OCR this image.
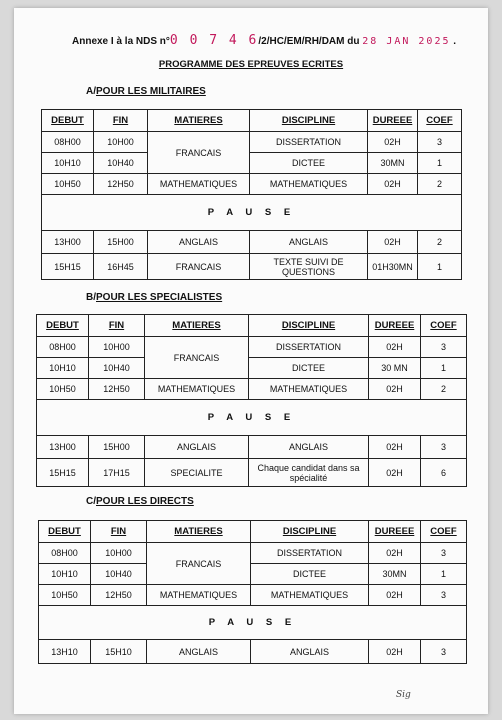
Annexe I à la NDS n°0 0 7 4 6/2/HC/EM/RH/DAM du 28 JAN 2025 .
PROGRAMME DES EPREUVES ECRITES
A/POUR LES MILITAIRES
DEBUT	FIN	MATIERES	DISCIPLINE	DUREEE	COEF
08H00	10H00	FRANCAIS	DISSERTATION	02H	3
10H10	10H40		DICTEE	30MN	1
10H50	12H50	MATHEMATIQUES	MATHEMATIQUES	02H	2
P A U S E					
13H00	15H00	ANGLAIS	ANGLAIS	02H	2
15H15	16H45	FRANCAIS	TEXTE SUIVI DE QUESTIONS	01H30MN	1
B/POUR LES SPECIALISTES
DEBUT	FIN	MATIERES	DISCIPLINE	DUREEE	COEF
08H00	10H00	FRANCAIS	DISSERTATION	02H	3
10H10	10H40		DICTEE	30 MN	1
10H50	12H50	MATHEMATIQUES	MATHEMATIQUES	02H	2
P A U S E					
13H00	15H00	ANGLAIS	ANGLAIS	02H	3
15H15	17H15	SPECIALITE	Chaque candidat dans sa spécialité	02H	6
C/POUR LES DIRECTS
DEBUT	FIN	MATIERES	DISCIPLINE	DUREEE	COEF
08H00	10H00	FRANCAIS	DISSERTATION	02H	3
10H10	10H40		DICTEE	30MN	1
10H50	12H50	MATHEMATIQUES	MATHEMATIQUES	02H	3
P A U S E					
13H10	15H10	ANGLAIS	ANGLAIS	02H	3
Sig
